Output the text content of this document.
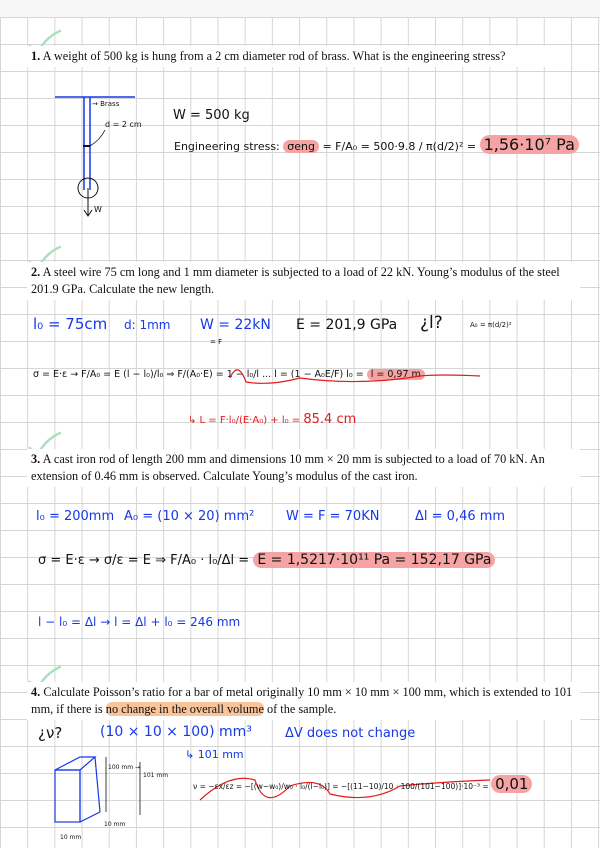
1. A weight of 500 kg is hung from a 2 cm diameter rod of brass. What is the engineering stress?
→ Brass
d = 2 cm
W
W = 500 kg
Engineering stress: σeng = F/A₀ = 500·9.8 / π(d/2)² = 1,56·10⁷ Pa
2. A steel wire 75 cm long and 1 mm diameter is subjected to a load of 22 kN. Young’s modulus of the steel 201.9 GPa. Calculate the new length.
l₀ = 75cm d: 1mm W = 22kN
= F
E = 201,9 GPa ¿l?	A₀ = π(d/2)²
σ = E·ε → F/A₀ = E (l − l₀)/l₀ ⇒ F/(A₀·E) = 1 − l₀/l ... l = (1 − A₀E/F) l₀ = l = 0,97 m
↳ L = F·l₀/(E·A₀) + l₀ = 85.4 cm
3. A cast iron rod of length 200 mm and dimensions 10 mm × 20 mm is subjected to a load of 70 kN. An extension of 0.46 mm is observed. Calculate Young’s modulus of the cast iron.
l₀ = 200mm A₀ = (10 × 20) mm² W = F = 70KN	Δl = 0,46 mm
σ = E·ε → σ/ε = E ⇒ F/A₀ · l₀/Δl = E = 1,5217·10¹¹ Pa = 152,17 GPa
l − l₀ = Δl → l = Δl + l₀ = 246 mm
4. Calculate Poisson’s ratio for a bar of metal originally 10 mm × 10 mm × 100 mm, which is extended to 101 mm, if there is no change in the overall volume of the sample.
¿ν?	(10 × 10 × 100) mm³
↳ 101 mm
ΔV does not change
100 mm →
101 mm
10 mm
10 mm
ν = −εx/εz = −[(w−w₀)/w₀ · l₀/(l−l₀)] = −[(11−10)/10 · 100/(101−100)]·10⁻³ = 0,01
